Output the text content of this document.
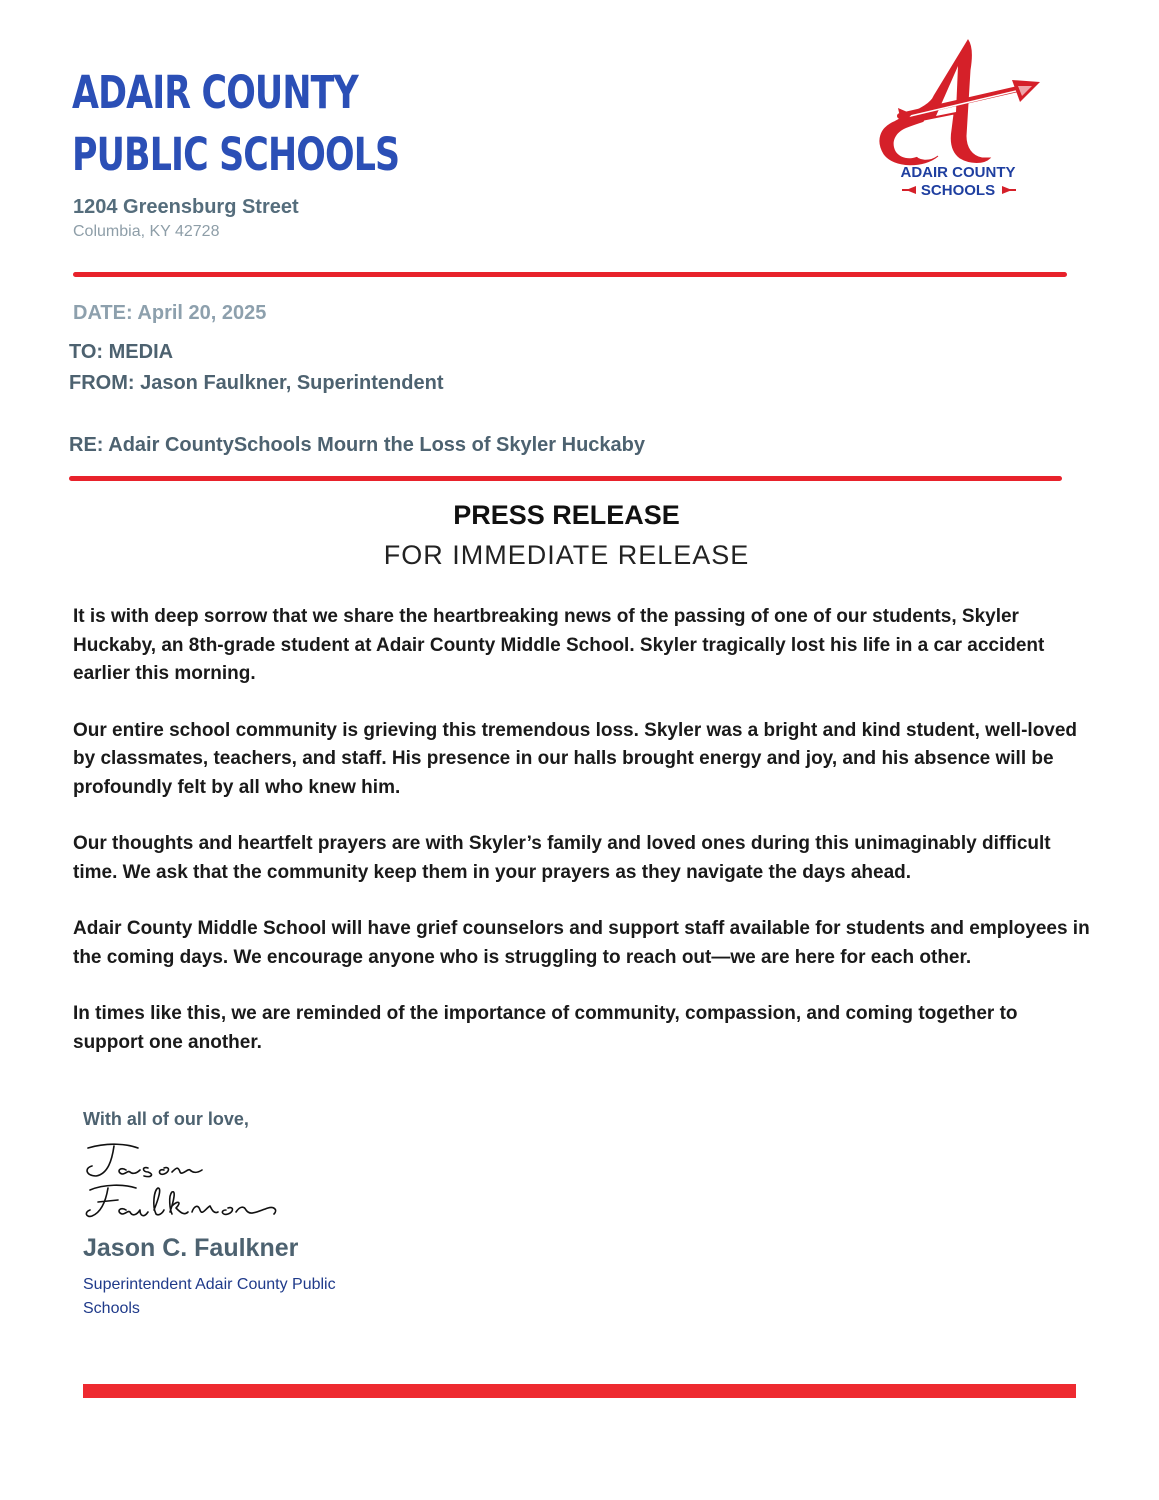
ADAIR COUNTY PUBLIC SCHOOLS
1204 Greensburg Street
Columbia, KY 42728
ADAIR COUNTY
SCHOOLS
DATE: April 20, 2025
TO: MEDIA
FROM: Jason Faulkner, Superintendent
RE: Adair CountySchools Mourn the Loss of Skyler Huckaby
PRESS RELEASE
FOR IMMEDIATE RELEASE

It is with deep sorrow that we share the heartbreaking news of the passing of one of our students, Skyler Huckaby, an 8th-grade student at Adair County Middle School. Skyler tragically lost his life in a car accident earlier this morning.

Our entire school community is grieving this tremendous loss. Skyler was a bright and kind student, well-loved by classmates, teachers, and staff. His presence in our halls brought energy and joy, and his absence will be profoundly felt by all who knew him.

Our thoughts and heartfelt prayers are with Skyler’s family and loved ones during this unimaginably difficult time. We ask that the community keep them in your prayers as they navigate the days ahead.

Adair County Middle School will have grief counselors and support staff available for students and employees in the coming days. We encourage anyone who is struggling to reach out—we are here for each other.

In times like this, we are reminded of the importance of community, compassion, and coming together to support one another.

With all of our love,
Jason C. Faulkner
Superintendent Adair County Public Schools
